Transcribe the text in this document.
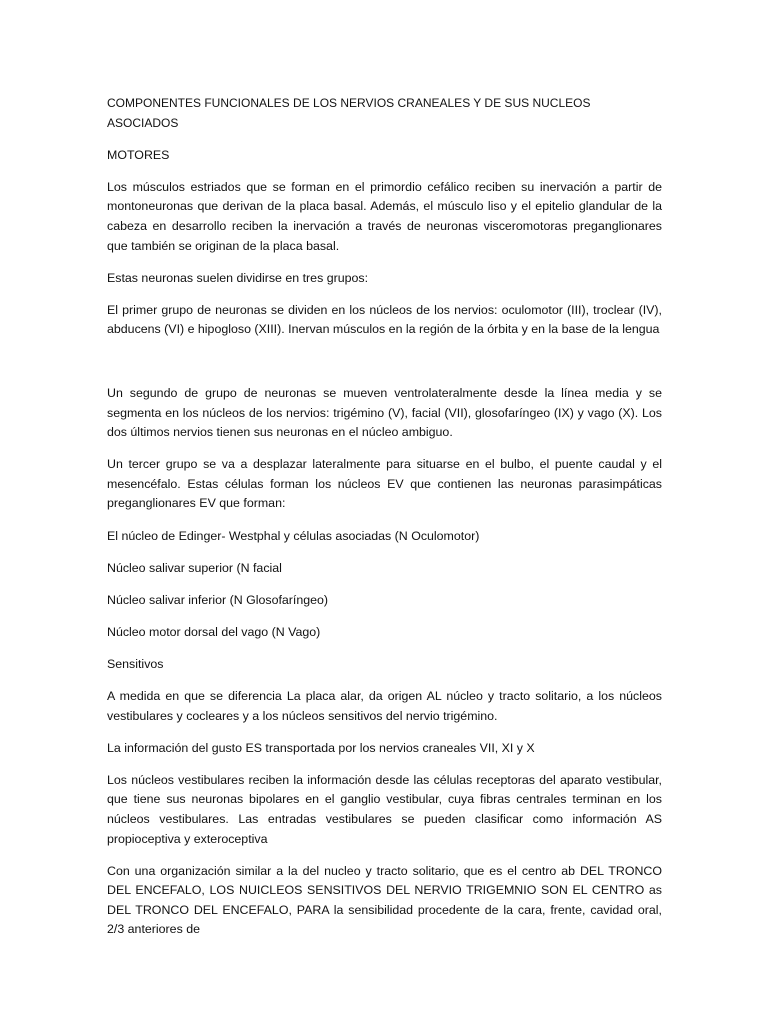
COMPONENTES FUNCIONALES DE LOS NERVIOS CRANEALES Y DE SUS NUCLEOS ASOCIADOS

MOTORES

Los músculos estriados que se forman en el primordio cefálico reciben su inervación a partir de montoneuronas que derivan de la placa basal. Además, el músculo liso y el epitelio glandular de la cabeza en desarrollo reciben la inervación a través de neuronas visceromotoras preganglionares que también se originan de la placa basal.

Estas neuronas suelen dividirse en tres grupos:

El primer grupo de neuronas se dividen en los núcleos de los nervios: oculomotor (III), troclear (IV), abducens (VI) e hipogloso (XIII). Inervan músculos en la región de la órbita y en la base de la lengua

Un segundo de grupo de neuronas se mueven ventrolateralmente desde la línea media y se segmenta en los núcleos de los nervios: trigémino (V), facial (VII), glosofaríngeo (IX) y vago (X). Los dos últimos nervios tienen sus neuronas en el núcleo ambiguo.

Un tercer grupo se va a desplazar lateralmente para situarse en el bulbo, el puente caudal y el mesencéfalo. Estas células forman los núcleos EV que contienen las neuronas parasimpáticas preganglionares EV que forman:

El núcleo de Edinger- Westphal y células asociadas (N Oculomotor)

Núcleo salivar superior (N facial

Núcleo salivar inferior (N Glosofaríngeo)

Núcleo motor dorsal del vago (N Vago)

Sensitivos

A medida en que se diferencia La placa alar, da origen AL núcleo y tracto solitario, a los núcleos vestibulares y cocleares y a los núcleos sensitivos del nervio trigémino.

La información del gusto ES transportada por los nervios craneales VII, XI y X

Los núcleos vestibulares reciben la información desde las células receptoras del aparato vestibular, que tiene sus neuronas bipolares en el ganglio vestibular, cuya fibras centrales terminan en los núcleos vestibulares. Las entradas vestibulares se pueden clasificar como información AS propioceptiva y exteroceptiva

Con una organización similar a la del nucleo y tracto solitario, que es el centro ab DEL TRONCO DEL ENCEFALO, LOS NUICLEOS SENSITIVOS DEL NERVIO TRIGEMNIO SON EL CENTRO as DEL TRONCO DEL ENCEFALO, PARA la sensibilidad procedente de la cara, frente, cavidad oral, 2/3 anteriores de
